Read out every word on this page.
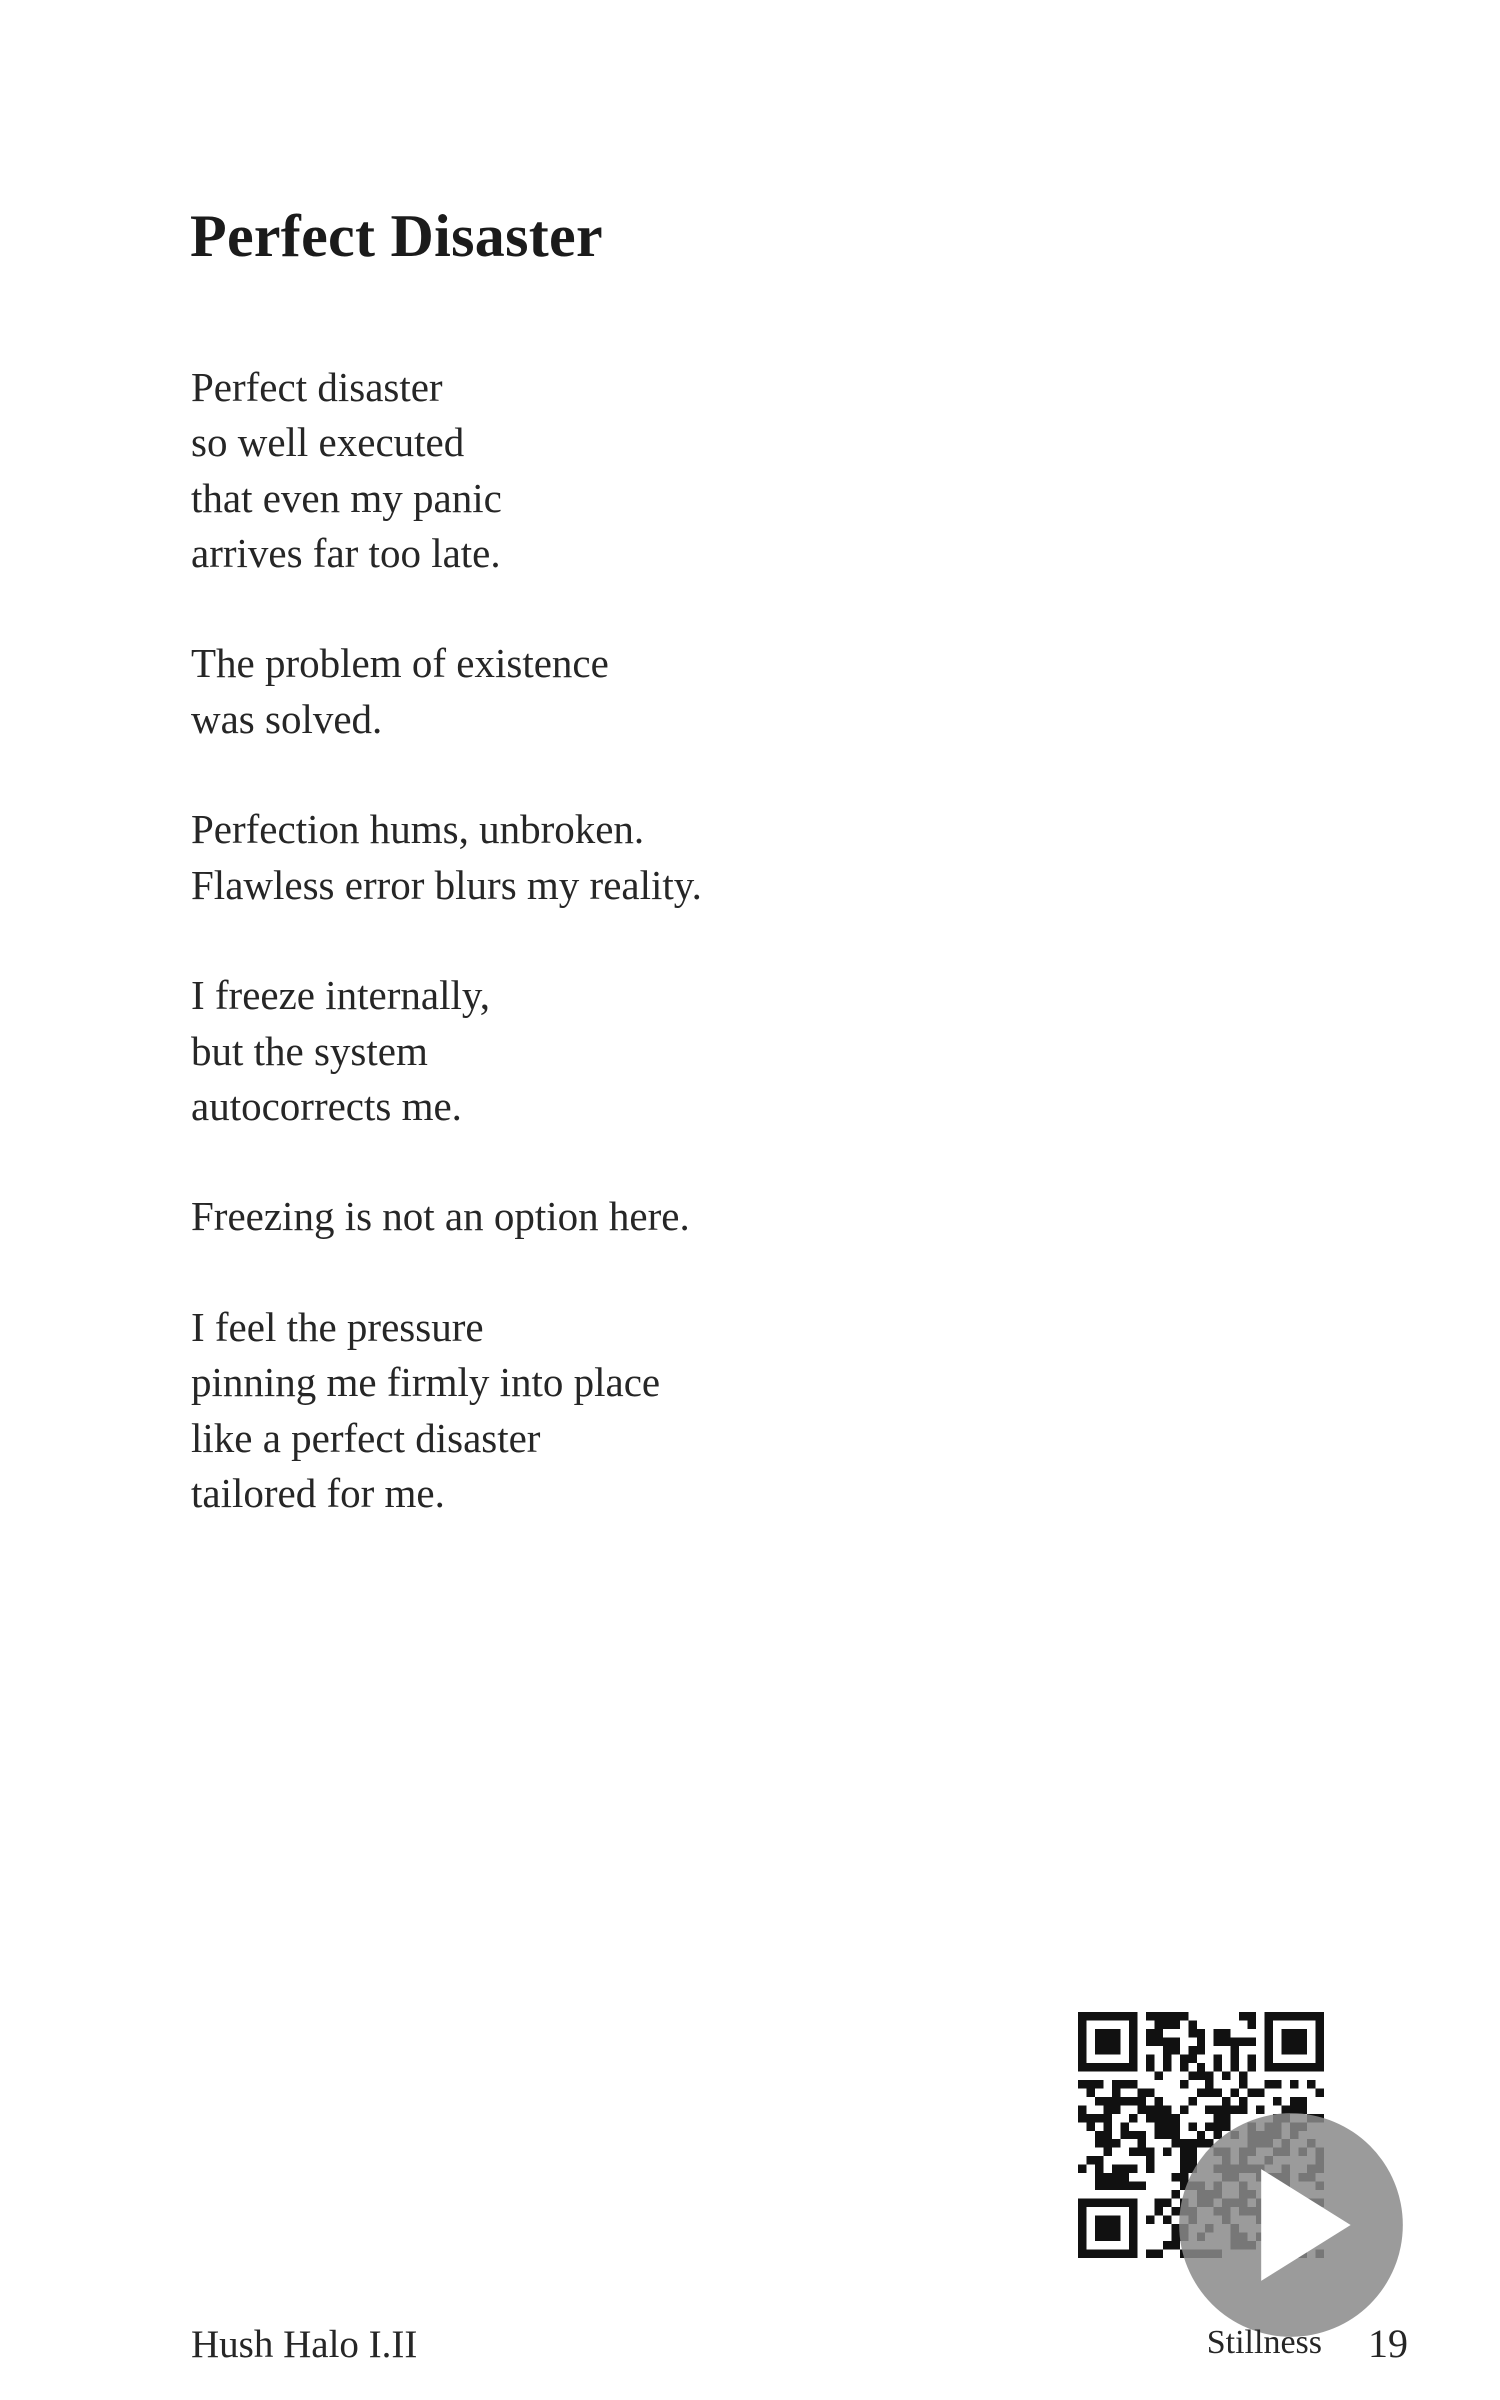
Perfect Disaster

Perfect disaster
so well executed
that even my panic
arrives far too late.

The problem of existence
was solved.

Perfection hums, unbroken.
Flawless error blurs my reality.

I freeze internally,
but the system
autocorrects me.

Freezing is not an option here.

I feel the pressure
pinning me firmly into place
like a perfect disaster
tailored for me.

Hush Halo I.II	Stillness 19
